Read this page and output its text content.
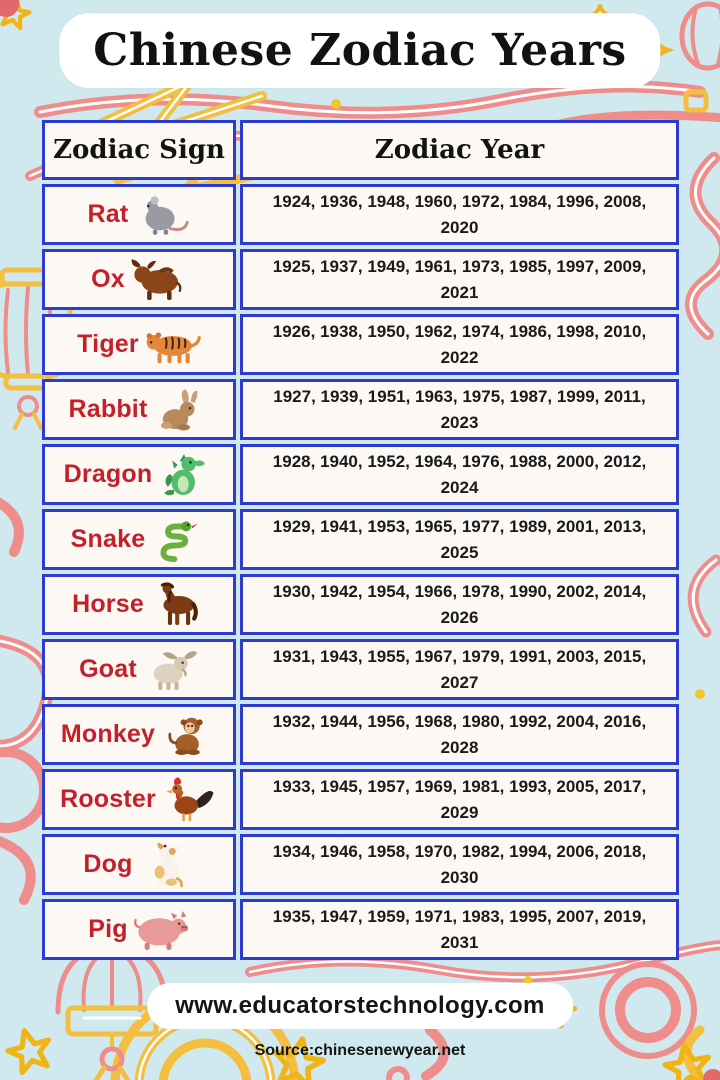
Chinese Zodiac Years
Zodiac Sign	Zodiac Year
Rat	1924, 1936, 1948, 1960, 1972, 1984, 1996, 2008, 2020
Ox	1925, 1937, 1949, 1961, 1973, 1985, 1997, 2009, 2021
Tiger	1926, 1938, 1950, 1962, 1974, 1986, 1998, 2010, 2022
Rabbit	1927, 1939, 1951, 1963, 1975, 1987, 1999, 2011, 2023
Dragon	1928, 1940, 1952, 1964, 1976, 1988, 2000, 2012, 2024
Snake	1929, 1941, 1953, 1965, 1977, 1989, 2001, 2013, 2025
Horse	1930, 1942, 1954, 1966, 1978, 1990, 2002, 2014, 2026
Goat	1931, 1943, 1955, 1967, 1979, 1991, 2003, 2015, 2027
Monkey	1932, 1944, 1956, 1968, 1980, 1992, 2004, 2016, 2028
Rooster	1933, 1945, 1957, 1969, 1981, 1993, 2005, 2017, 2029
Dog	1934, 1946, 1958, 1970, 1982, 1994, 2006, 2018, 2030
Pig	1935, 1947, 1959, 1971, 1983, 1995, 2007, 2019, 2031
www.educatorstechnology.com
Source:chinesenewyear.net
